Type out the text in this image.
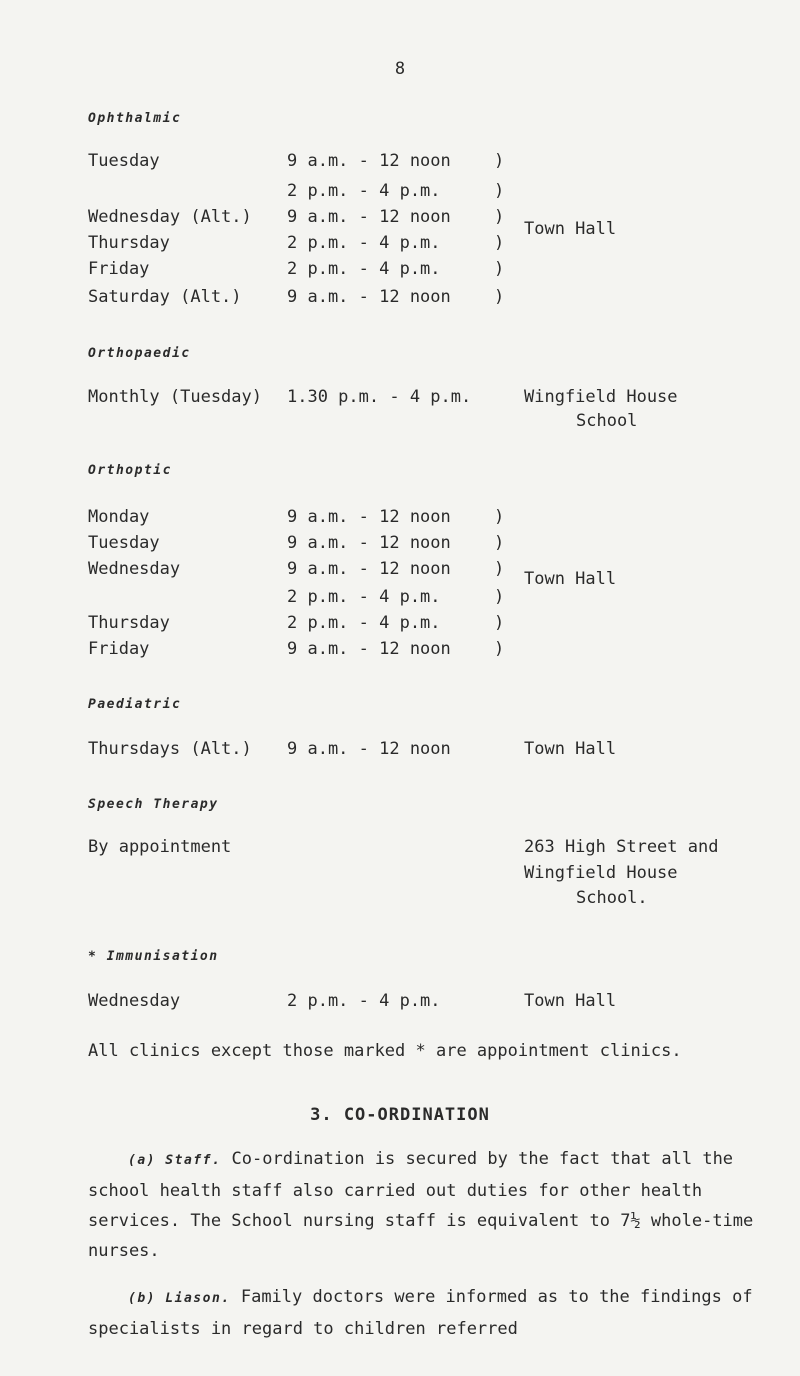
8
Ophthalmic
Tuesday	9 a.m. - 12 noon	)
2 p.m. - 4 p.m.	)
Wednesday (Alt.) 9 a.m. - 12 noon	)
Thursday	2 p.m. - 4 p.m.	)
Friday	2 p.m. - 4 p.m.	)
Saturday (Alt.)	9 a.m. - 12 noon	)
Town Hall
Orthopaedic
Monthly (Tuesday) 1.30 p.m. - 4 p.m.	Wingfield House
School
Orthoptic
Monday	9 a.m. - 12 noon	)
Tuesday	9 a.m. - 12 noon	)
Wednesday	9 a.m. - 12 noon	)
2 p.m. - 4 p.m.	)
Thursday	2 p.m. - 4 p.m.	)
Friday	9 a.m. - 12 noon	)
Town Hall
Paediatric
Thursdays (Alt.) 9 a.m. - 12 noon	Town Hall
Speech Therapy
By appointment	263 High Street and
Wingfield House
School.
* Immunisation
Wednesday	2 p.m. - 4 p.m.	Town Hall
All clinics except those marked * are appointment clinics.
3. CO-ORDINATION
(a) Staff. Co-ordination is secured by the fact that all the school health staff also carried out duties for other health services. The School nursing staff is equivalent to 7½ whole-time nurses.
(b) Liason. Family doctors were informed as to the findings of specialists in regard to children referred
